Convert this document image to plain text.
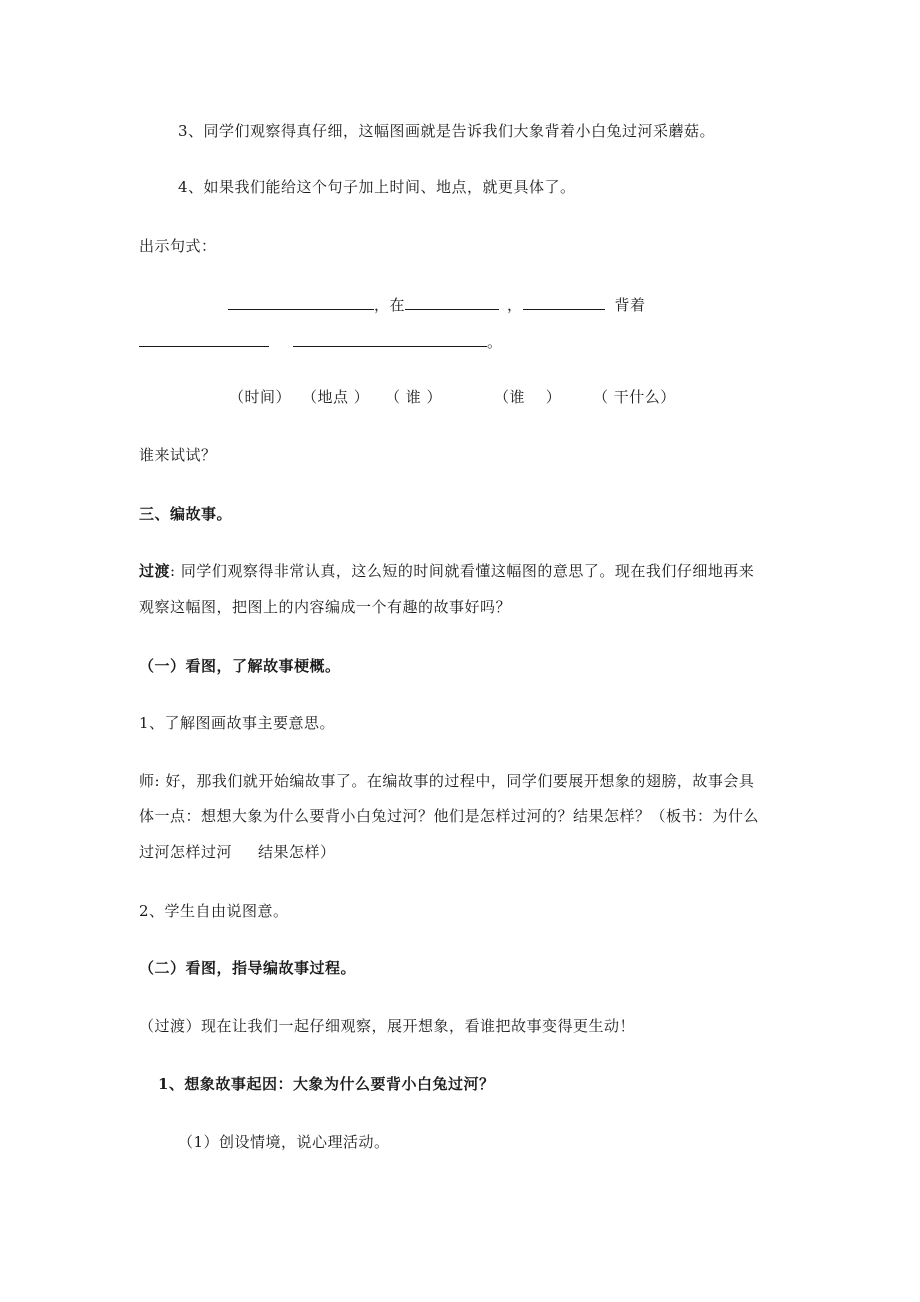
3、同学们观察得真仔细，这幅图画就是告诉我们大象背着小白兔过河采蘑菇。
4、如果我们能给这个句子加上时间、地点，就更具体了。
出示句式：
，在	，	背着
。
（时间） （地点 ） （ 谁 ）	（谁　 ） （ 干什么）
谁来试试？
三、编故事。
过渡: 同学们观察得非常认真，这么短的时间就看懂这幅图的意思了。现在我们仔细地再来
观察这幅图，把图上的内容编成一个有趣的故事好吗？
（一）看图，了解故事梗概。
1、了解图画故事主要意思。
师: 好，那我们就开始编故事了。在编故事的过程中，同学们要展开想象的翅膀，故事会具
体一点：想想大象为什么要背小白兔过河？他们是怎样过河的？结果怎样？（板书：为什么
过河怎样过河 结果怎样）
2、学生自由说图意。
（二）看图，指导编故事过程。
（过渡）现在让我们一起仔细观察，展开想象，看谁把故事变得更生动！
1、想象故事起因：大象为什么要背小白兔过河？
（1）创设情境，说心理活动。
